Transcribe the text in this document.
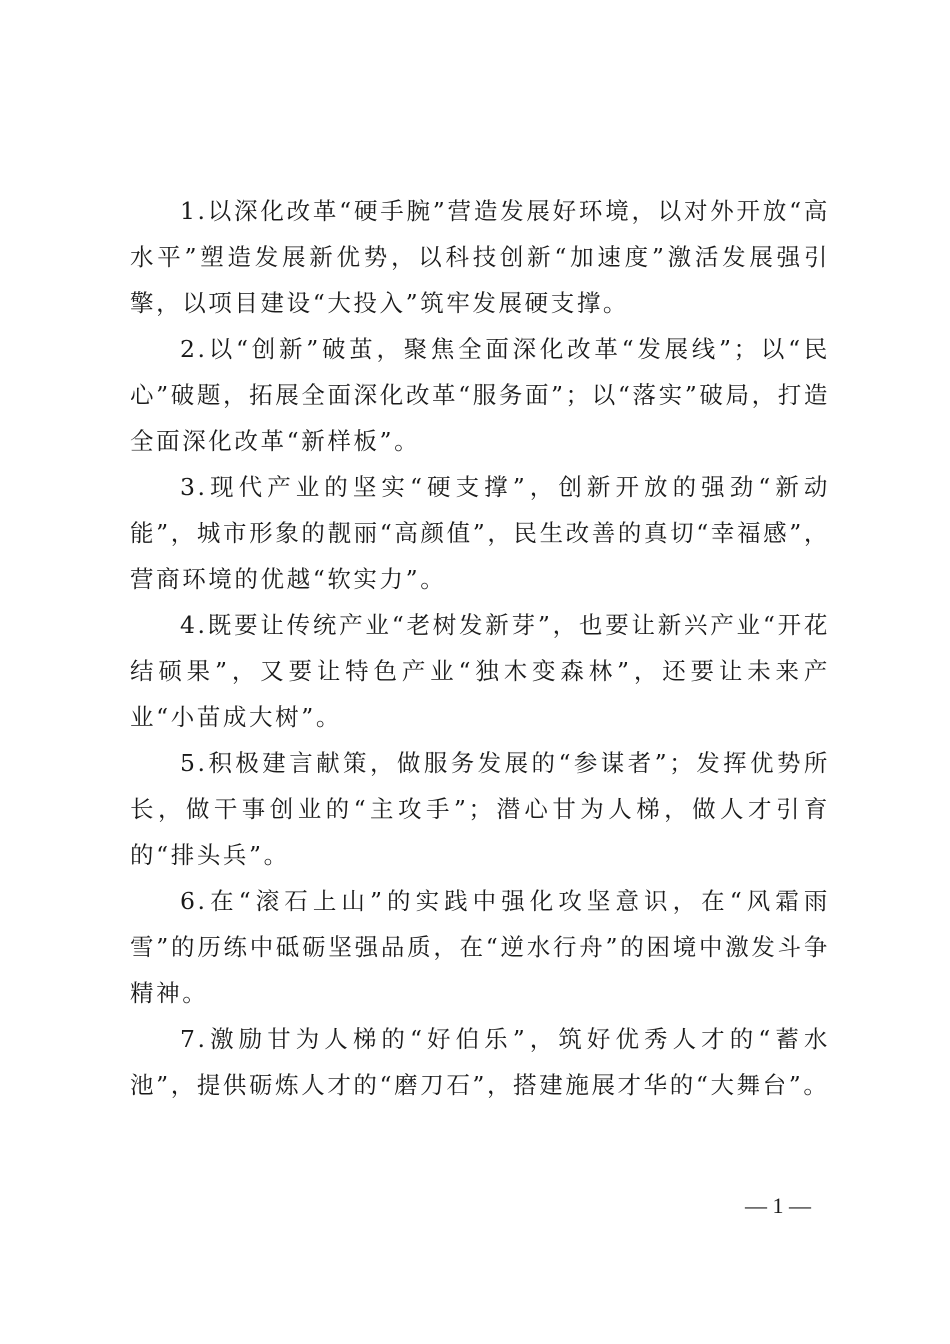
1.以深化改革“硬手腕”营造发展好环境，以对外开放“高水平”塑造发展新优势，以科技创新“加速度”激活发展强引擎，以项目建设“大投入”筑牢发展硬支撑。

2.以“创新”破茧，聚焦全面深化改革“发展线”；以“民心”破题，拓展全面深化改革“服务面”；以“落实”破局，打造全面深化改革“新样板”。

3.现代产业的坚实“硬支撑”，创新开放的强劲“新动能”，城市形象的靓丽“高颜值”，民生改善的真切“幸福感”，营商环境的优越“软实力”。

4.既要让传统产业“老树发新芽”，也要让新兴产业“开花结硕果”，又要让特色产业“独木变森林”，还要让未来产业“小苗成大树”。

5.积极建言献策，做服务发展的“参谋者”；发挥优势所长，做干事创业的“主攻手”；潜心甘为人梯，做人才引育的“排头兵”。

6.在“滚石上山”的实践中强化攻坚意识，在“风霜雨雪”的历练中砥砺坚强品质，在“逆水行舟”的困境中激发斗争精神。

7.激励甘为人梯的“好伯乐”，筑好优秀人才的“蓄水池”，提供砺炼人才的“磨刀石”，搭建施展才华的“大舞台”。

— 1 —
